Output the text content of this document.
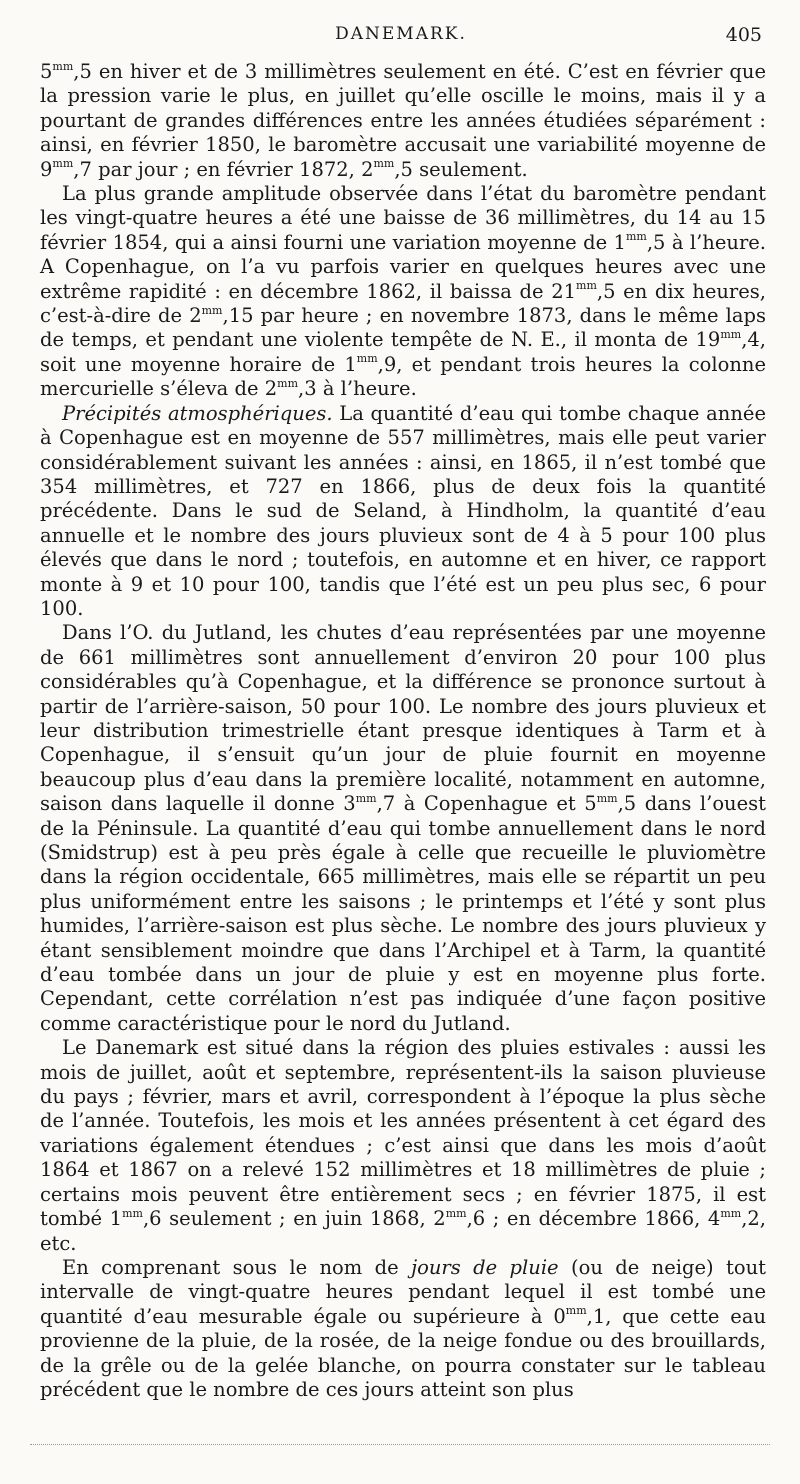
DANEMARK.	405

$5^{mm},5$ en hiver et de 3 millimètres seulement en été. C’est en février que la pression varie le plus, en juillet qu’elle oscille le moins, mais il y a pourtant de grandes différences entre les années étudiées séparément : ainsi, en février 1850, le baromètre accusait une variabilité moyenne de $9^{mm},7$ par jour ; en février 1872, $2^{mm},5$ seulement.

La plus grande amplitude observée dans l’état du baromètre pendant les vingt-quatre heures a été une baisse de 36 millimètres, du 14 au 15 février 1854, qui a ainsi fourni une variation moyenne de $1^{mm},5$ à l’heure. A Copenhague, on l’a vu parfois varier en quelques heures avec une extrême rapidité : en décembre 1862, il baissa de $21^{mm},5$ en dix heures, c’est-à-dire de $2^{mm},15$ par heure ; en novembre 1873, dans le même laps de temps, et pendant une violente tempête de N. E., il monta de $19^{mm},4$, soit une moyenne horaire de $1^{mm},9$, et pendant trois heures la colonne mercurielle s’éleva de $2^{mm},3$ à l’heure.

Précipités atmosphériques. La quantité d’eau qui tombe chaque année à Copenhague est en moyenne de 557 millimètres, mais elle peut varier considérablement suivant les années : ainsi, en 1865, il n’est tombé que 354 millimètres, et 727 en 1866, plus de deux fois la quantité précédente. Dans le sud de Seland, à Hindholm, la quantité d’eau annuelle et le nombre des jours pluvieux sont de 4 à 5 pour 100 plus élevés que dans le nord ; toutefois, en automne et en hiver, ce rapport monte à 9 et 10 pour 100, tandis que l’été est un peu plus sec, 6 pour 100.

Dans l’O. du Jutland, les chutes d’eau représentées par une moyenne de 661 millimètres sont annuellement d’environ 20 pour 100 plus considérables qu’à Copenhague, et la différence se prononce surtout à partir de l’arrière-saison, 50 pour 100. Le nombre des jours pluvieux et leur distribution trimestrielle étant presque identiques à Tarm et à Copenhague, il s’ensuit qu’un jour de pluie fournit en moyenne beaucoup plus d’eau dans la première localité, notamment en automne, saison dans laquelle il donne $3^{mm},7$ à Copenhague et $5^{mm},5$ dans l’ouest de la Péninsule. La quantité d’eau qui tombe annuellement dans le nord (Smidstrup) est à peu près égale à celle que recueille le pluviomètre dans la région occidentale, 665 millimètres, mais elle se répartit un peu plus uniformément entre les saisons ; le printemps et l’été y sont plus humides, l’arrière-saison est plus sèche. Le nombre des jours pluvieux y étant sensiblement moindre que dans l’Archipel et à Tarm, la quantité d’eau tombée dans un jour de pluie y est en moyenne plus forte. Cependant, cette corrélation n’est pas indiquée d’une façon positive comme caractéristique pour le nord du Jutland.

Le Danemark est situé dans la région des pluies estivales : aussi les mois de juillet, août et septembre, représentent-ils la saison pluvieuse du pays ; février, mars et avril, correspondent à l’époque la plus sèche de l’année. Toutefois, les mois et les années présentent à cet égard des variations également étendues ; c’est ainsi que dans les mois d’août 1864 et 1867 on a relevé 152 millimètres et 18 millimètres de pluie ; certains mois peuvent être entièrement secs ; en février 1875, il est tombé $1^{mm},6$ seulement ; en juin 1868, $2^{mm},6$ ; en décembre 1866, $4^{mm},2$, etc.

En comprenant sous le nom de jours de pluie (ou de neige) tout intervalle de vingt-quatre heures pendant lequel il est tombé une quantité d’eau mesurable égale ou supérieure à $0^{mm},1$, que cette eau provienne de la pluie, de la rosée, de la neige fondue ou des brouillards, de la grêle ou de la gelée blanche, on pourra constater sur le tableau précédent que le nombre de ces jours atteint son plus
